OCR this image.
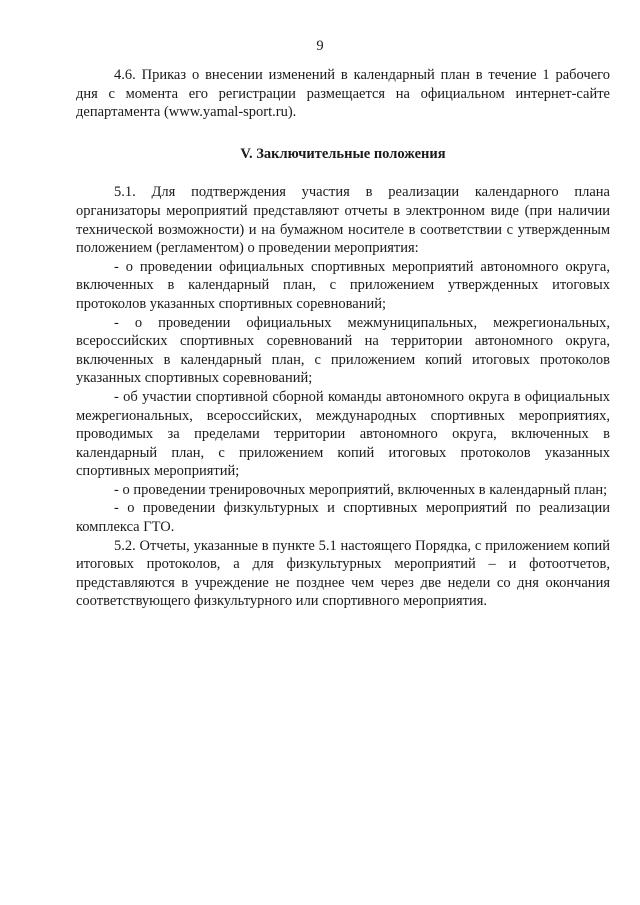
9

4.6. Приказ о внесении изменений в календарный план в течение 1 рабочего дня с момента его регистрации размещается на официальном интернет-сайте департамента (www.yamal-sport.ru).

V. Заключительные положения

5.1. Для подтверждения участия в реализации календарного плана организаторы мероприятий представляют отчеты в электронном виде (при наличии технической возможности) и на бумажном носителе в соответствии с утвержденным положением (регламентом) о проведении мероприятия:

- о проведении официальных спортивных мероприятий автономного округа, включенных в календарный план, с приложением утвержденных итоговых протоколов указанных спортивных соревнований;

- о проведении официальных межмуниципальных, межрегиональных, всероссийских спортивных соревнований на территории автономного округа, включенных в календарный план, с приложением копий итоговых протоколов указанных спортивных соревнований;

- об участии спортивной сборной команды автономного округа в официальных межрегиональных, всероссийских, международных спортивных мероприятиях, проводимых за пределами территории автономного округа, включенных в календарный план, с приложением копий итоговых протоколов указанных спортивных мероприятий;

- о проведении тренировочных мероприятий, включенных в календарный план;

- о проведении физкультурных и спортивных мероприятий по реализации комплекса ГТО.

5.2. Отчеты, указанные в пункте 5.1 настоящего Порядка, с приложением копий итоговых протоколов, а для физкультурных мероприятий – и фотоотчетов, представляются в учреждение не позднее чем через две недели со дня окончания соответствующего физкультурного или спортивного мероприятия.
